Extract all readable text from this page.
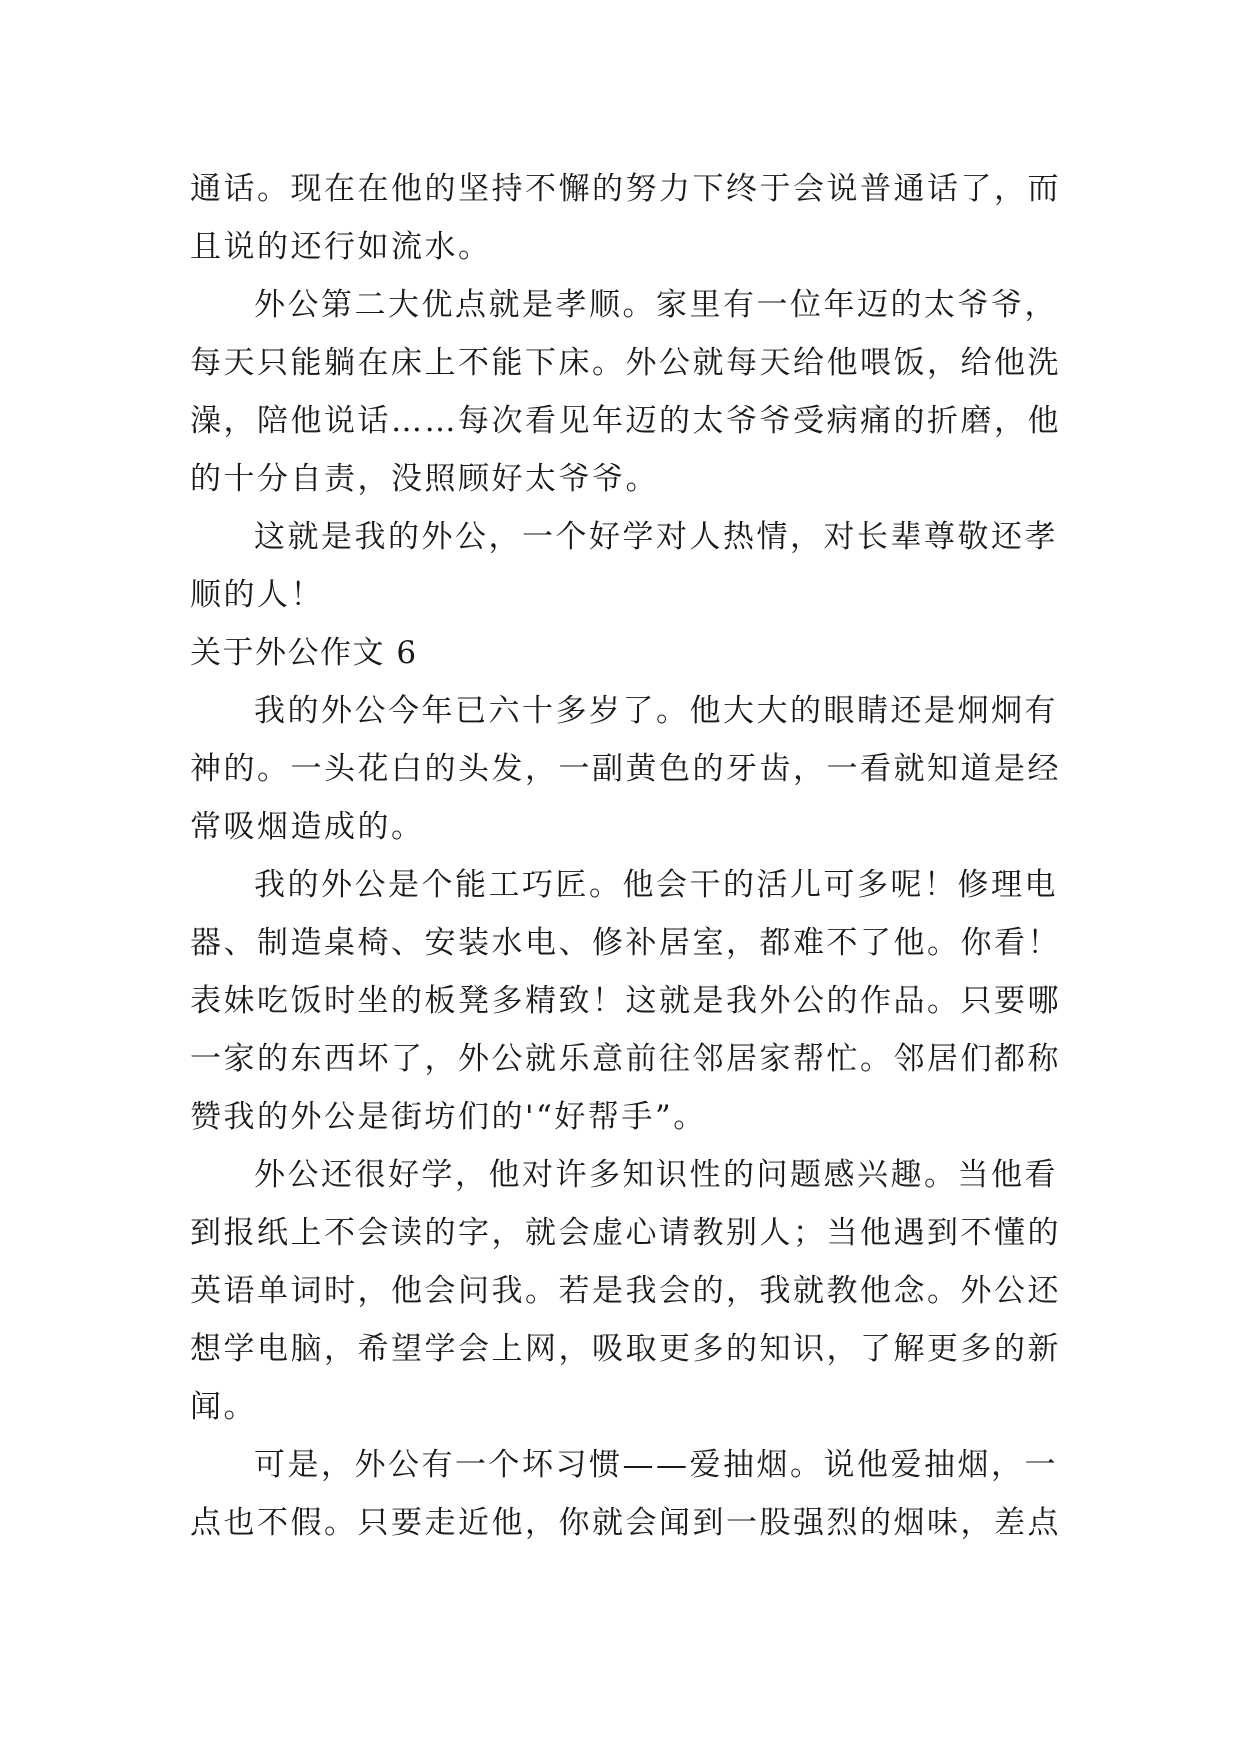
通话。现在在他的坚持不懈的努力下终于会说普通话了，而
且说的还行如流水。
外公第二大优点就是孝顺。家里有一位年迈的太爷爷，
每天只能躺在床上不能下床。外公就每天给他喂饭，给他洗
澡，陪他说话……每次看见年迈的太爷爷受病痛的折磨，他
的十分自责，没照顾好太爷爷。
这就是我的外公，一个好学对人热情，对长辈尊敬还孝
顺的人！
关于外公作文 6
我的外公今年已六十多岁了。他大大的眼睛还是炯炯有
神的。一头花白的头发，一副黄色的牙齿，一看就知道是经
常吸烟造成的。
我的外公是个能工巧匠。他会干的活儿可多呢！修理电
器、制造桌椅、安装水电、修补居室，都难不了他。你看！
表妹吃饭时坐的板凳多精致！这就是我外公的作品。只要哪
一家的东西坏了，外公就乐意前往邻居家帮忙。邻居们都称
赞我的外公是街坊们的'“好帮手”。
外公还很好学，他对许多知识性的问题感兴趣。当他看
到报纸上不会读的字，就会虚心请教别人；当他遇到不懂的
英语单词时，他会问我。若是我会的，我就教他念。外公还
想学电脑，希望学会上网，吸取更多的知识，了解更多的新
闻。
可是，外公有一个坏习惯——爱抽烟。说他爱抽烟，一
点也不假。只要走近他，你就会闻到一股强烈的烟味，差点
